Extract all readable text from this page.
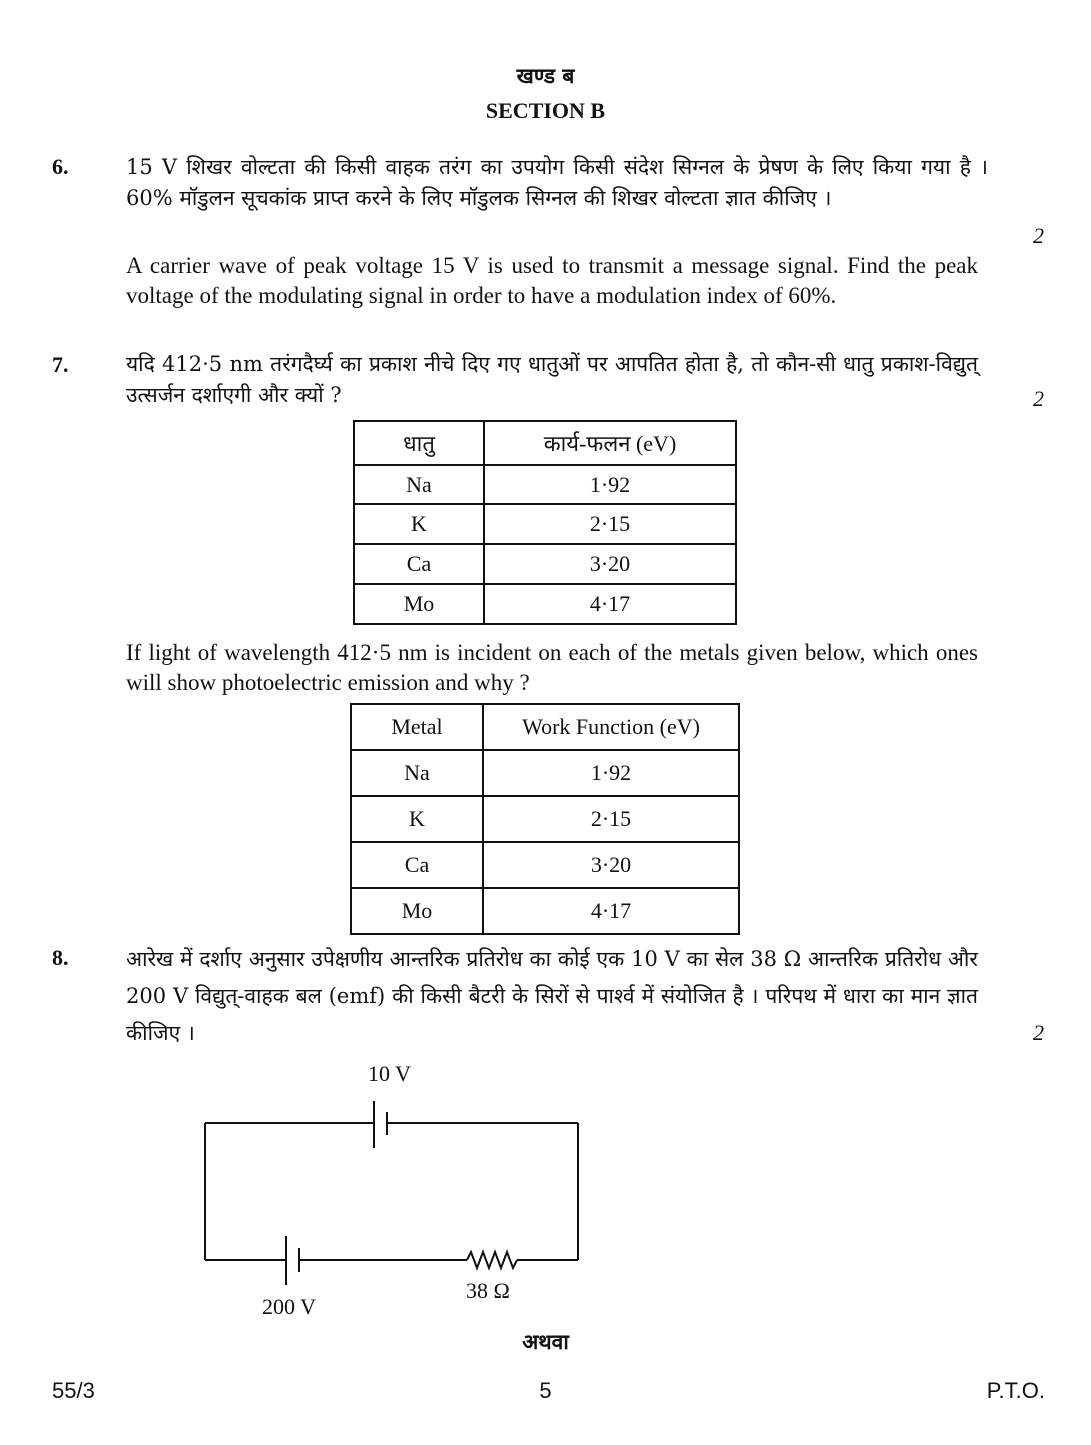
खण्ड ब
SECTION B
6.	15 V शिखर वोल्टता की किसी वाहक तरंग का उपयोग किसी संदेश सिग्नल के प्रेषण के लिए किया गया है । 60% मॉडुलन सूचकांक प्राप्त करने के लिए मॉडुलक सिग्नल की शिखर वोल्टता ज्ञात कीजिए ।
2
A carrier wave of peak voltage 15 V is used to transmit a message signal. Find the peak voltage of the modulating signal in order to have a modulation index of 60%.
7.	यदि 412·5 nm तरंगदैर्घ्य का प्रकाश नीचे दिए गए धातुओं पर आपतित होता है, तो कौन-सी धातु प्रकाश-विद्युत् उत्सर्जन दर्शाएगी और क्यों ?	2
धातु	कार्य-फलन (eV)
Na	1·92
K	2·15
Ca	3·20
Mo	4·17
If light of wavelength 412·5 nm is incident on each of the metals given below, which ones will show photoelectric emission and why ?
Metal	Work Function (eV)
Na	1·92
K	2·15
Ca	3·20
Mo	4·17
8.	आरेख में दर्शाए अनुसार उपेक्षणीय आन्तरिक प्रतिरोध का कोई एक 10 V का सेल 38 Ω आन्तरिक प्रतिरोध और 200 V विद्युत्-वाहक बल (emf) की किसी बैटरी के सिरों से पार्श्व में संयोजित है । परिपथ में धारा का मान ज्ञात कीजिए ।	2
10 V
200 V
38 Ω
अथवा
55/3	5	P.T.O.
